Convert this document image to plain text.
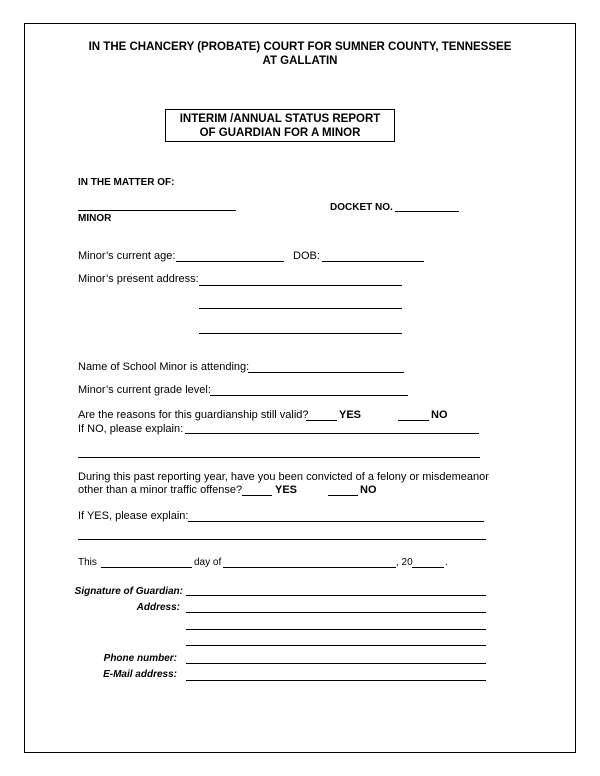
IN THE CHANCERY (PROBATE) COURT FOR SUMNER COUNTY, TENNESSEE
AT GALLATIN
INTERIM /ANNUAL STATUS REPORT
OF GUARDIAN FOR A MINOR
IN THE MATTER OF:
MINOR
DOCKET NO.
Minor’s current age:	DOB:
Minor’s present address:
Name of School Minor is attending:
Minor’s current grade level:
Are the reasons for this guardianship still valid?	YES	NO
If NO, please explain:
During this past reporting year, have you been convicted of a felony or misdemeanor
other than a minor traffic offense?	YES	NO
If YES, please explain:
This	day of	, 20	.
Signature of Guardian:
Address:
Phone number:
E-Mail address:
